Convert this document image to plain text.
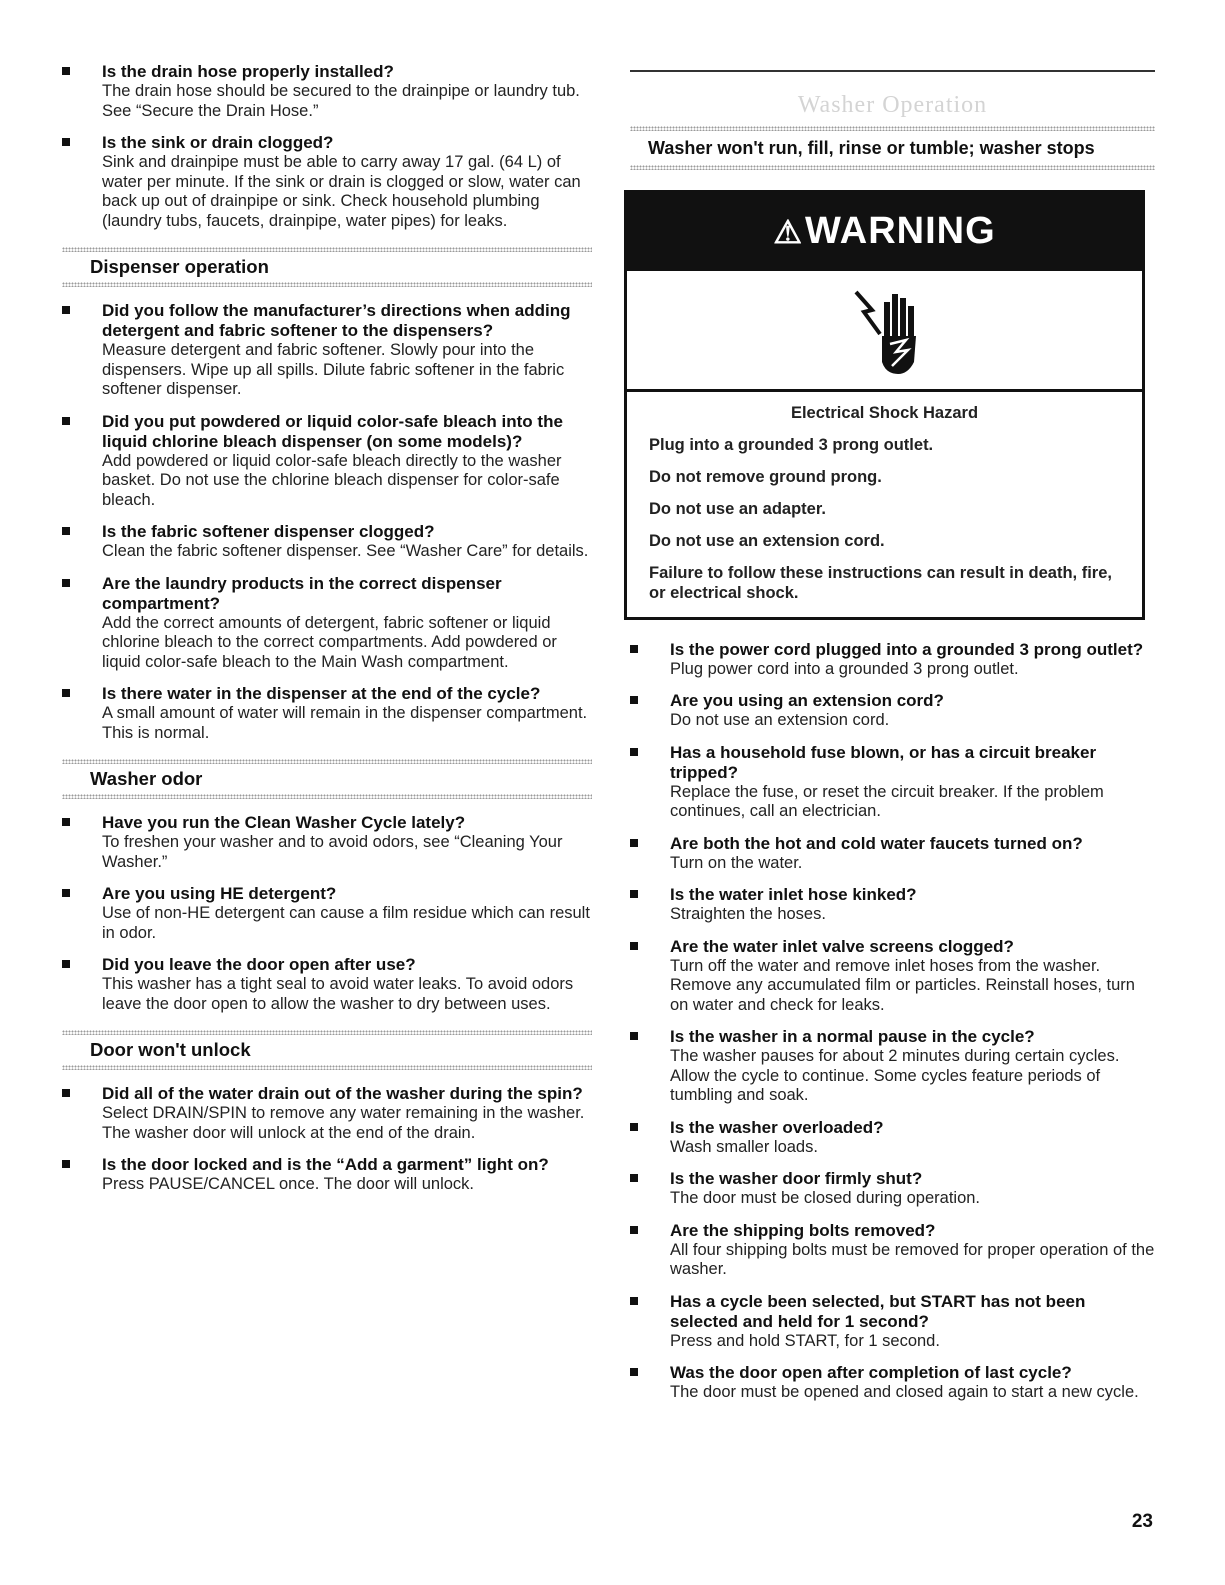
Is the drain hose properly installed?

The drain hose should be secured to the drainpipe or laundry tub. See “Secure the Drain Hose.”

Is the sink or drain clogged?

Sink and drainpipe must be able to carry away 17 gal. (64 L) of water per minute. If the sink or drain is clogged or slow, water can back up out of drainpipe or sink. Check household plumbing (laundry tubs, faucets, drainpipe, water pipes) for leaks.

Dispenser operation

Did you follow the manufacturer’s directions when adding detergent and fabric softener to the dispensers?

Measure detergent and fabric softener. Slowly pour into the dispensers. Wipe up all spills. Dilute fabric softener in the fabric softener dispenser.

Did you put powdered or liquid color-safe bleach into the liquid chlorine bleach dispenser (on some models)?

Add powdered or liquid color-safe bleach directly to the washer basket. Do not use the chlorine bleach dispenser for color-safe bleach.

Is the fabric softener dispenser clogged?

Clean the fabric softener dispenser. See “Washer Care” for details.

Are the laundry products in the correct dispenser compartment?

Add the correct amounts of detergent, fabric softener or liquid chlorine bleach to the correct compartments. Add powdered or liquid color-safe bleach to the Main Wash compartment.

Is there water in the dispenser at the end of the cycle?

A small amount of water will remain in the dispenser compartment. This is normal.

Washer odor

Have you run the Clean Washer Cycle lately?

To freshen your washer and to avoid odors, see “Cleaning Your Washer.”

Are you using HE detergent?

Use of non-HE detergent can cause a film residue which can result in odor.

Did you leave the door open after use?

This washer has a tight seal to avoid water leaks. To avoid odors leave the door open to allow the washer to dry between uses.

Door won't unlock

Did all of the water drain out of the washer during the spin?

Select DRAIN/SPIN to remove any water remaining in the washer. The washer door will unlock at the end of the drain.

Is the door locked and is the “Add a garment” light on?

Press PAUSE/CANCEL once. The door will unlock.

Washer Operation
Washer won't run, fill, rinse or tumble; washer stops
⚠ WARNING
Electrical Shock Hazard

Plug into a grounded 3 prong outlet.

Do not remove ground prong.

Do not use an adapter.

Do not use an extension cord.

Failure to follow these instructions can result in death, fire, or electrical shock.

Is the power cord plugged into a grounded 3 prong outlet?

Plug power cord into a grounded 3 prong outlet.

Are you using an extension cord?

Do not use an extension cord.

Has a household fuse blown, or has a circuit breaker tripped?

Replace the fuse, or reset the circuit breaker. If the problem continues, call an electrician.

Are both the hot and cold water faucets turned on?

Turn on the water.

Is the water inlet hose kinked?

Straighten the hoses.

Are the water inlet valve screens clogged?

Turn off the water and remove inlet hoses from the washer. Remove any accumulated film or particles. Reinstall hoses, turn on water and check for leaks.

Is the washer in a normal pause in the cycle?

The washer pauses for about 2 minutes during certain cycles. Allow the cycle to continue. Some cycles feature periods of tumbling and soak.

Is the washer overloaded?

Wash smaller loads.

Is the washer door firmly shut?

The door must be closed during operation.

Are the shipping bolts removed?

All four shipping bolts must be removed for proper operation of the washer.

Has a cycle been selected, but START has not been selected and held for 1 second?

Press and hold START, for 1 second.

Was the door open after completion of last cycle?

The door must be opened and closed again to start a new cycle.

23
